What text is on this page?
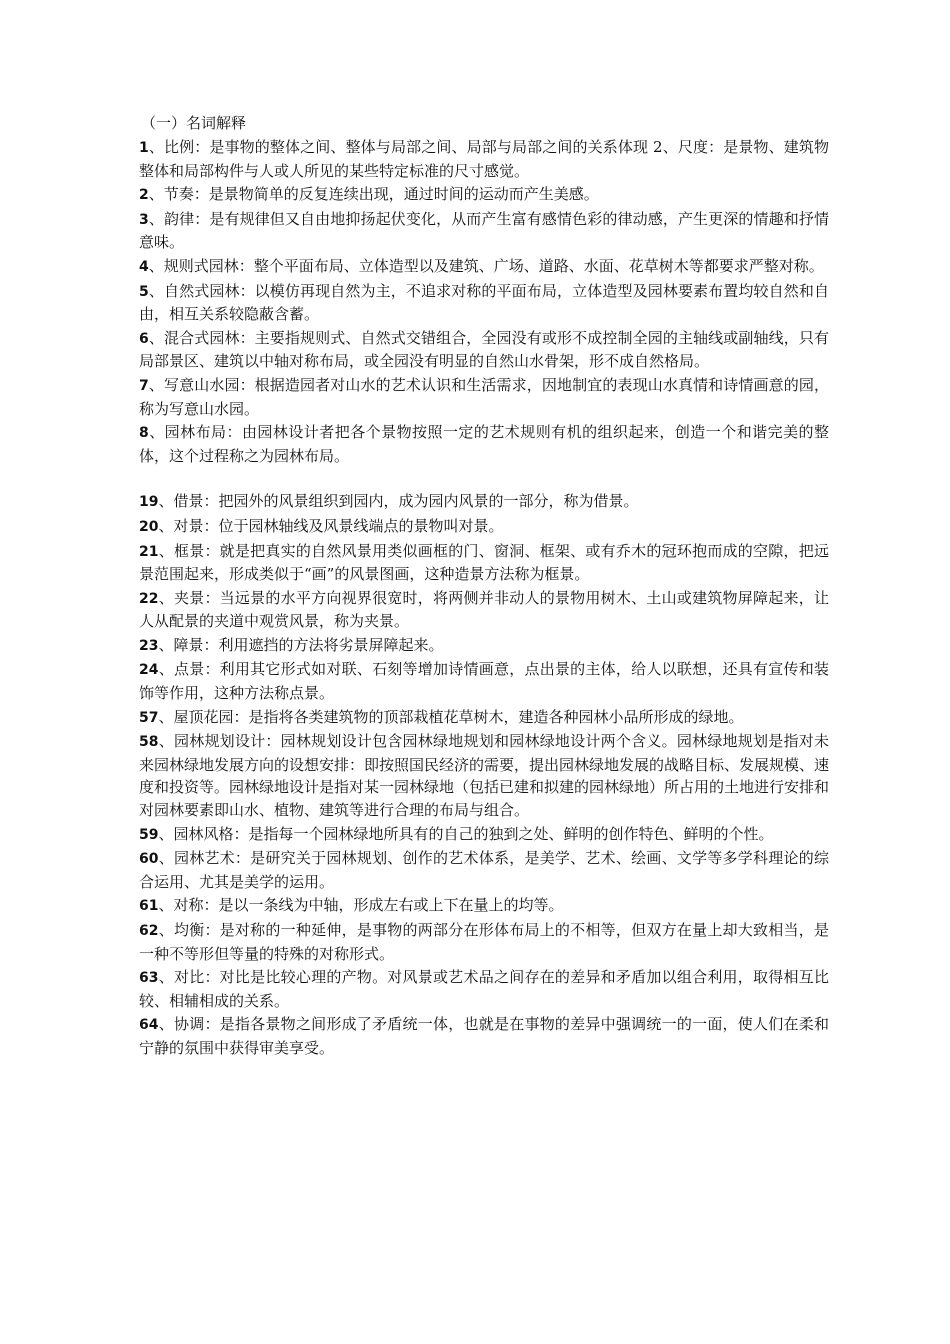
（一）名词解释

1、比例：是事物的整体之间、整体与局部之间、局部与局部之间的关系体现 2、尺度：是景物、建筑物整体和局部构件与人或人所见的某些特定标准的尺寸感觉。

2、节奏：是景物简单的反复连续出现，通过时间的运动而产生美感。

3、韵律：是有规律但又自由地抑扬起伏变化，从而产生富有感情色彩的律动感，产生更深的情趣和抒情意味。

4、规则式园林：整个平面布局、立体造型以及建筑、广场、道路、水面、花草树木等都要求严整对称。

5、自然式园林：以模仿再现自然为主，不追求对称的平面布局，立体造型及园林要素布置均较自然和自由，相互关系较隐蔽含蓄。

6、混合式园林：主要指规则式、自然式交错组合，全园没有或形不成控制全园的主轴线或副轴线，只有局部景区、建筑以中轴对称布局，或全园没有明显的自然山水骨架，形不成自然格局。

7、写意山水园：根据造园者对山水的艺术认识和生活需求，因地制宜的表现山水真情和诗情画意的园，称为写意山水园。

8、园林布局：由园林设计者把各个景物按照一定的艺术规则有机的组织起来，创造一个和谐完美的整体，这个过程称之为园林布局。

19、借景：把园外的风景组织到园内，成为园内风景的一部分，称为借景。

20、对景：位于园林轴线及风景线端点的景物叫对景。

21、框景：就是把真实的自然风景用类似画框的门、窗洞、框架、或有乔木的冠环抱而成的空隙，把远景范围起来，形成类似于“画”的风景图画，这种造景方法称为框景。

22、夹景：当远景的水平方向视界很宽时，将两侧并非动人的景物用树木、土山或建筑物屏障起来，让人从配景的夹道中观赏风景，称为夹景。

23、障景：利用遮挡的方法将劣景屏障起来。

24、点景：利用其它形式如对联、石刻等增加诗情画意，点出景的主体，给人以联想，还具有宣传和装饰等作用，这种方法称点景。

57、屋顶花园：是指将各类建筑物的顶部栽植花草树木，建造各种园林小品所形成的绿地。

58、园林规划设计：园林规划设计包含园林绿地规划和园林绿地设计两个含义。园林绿地规划是指对未来园林绿地发展方向的设想安排：即按照国民经济的需要，提出园林绿地发展的战略目标、发展规模、速度和投资等。园林绿地设计是指对某一园林绿地（包括已建和拟建的园林绿地）所占用的土地进行安排和对园林要素即山水、植物、建筑等进行合理的布局与组合。

59、园林风格：是指每一个园林绿地所具有的自己的独到之处、鲜明的创作特色、鲜明的个性。

60、园林艺术：是研究关于园林规划、创作的艺术体系，是美学、艺术、绘画、文学等多学科理论的综合运用、尤其是美学的运用。

61、对称：是以一条线为中轴，形成左右或上下在量上的均等。

62、均衡：是对称的一种延伸，是事物的两部分在形体布局上的不相等，但双方在量上却大致相当，是一种不等形但等量的特殊的对称形式。

63、对比：对比是比较心理的产物。对风景或艺术品之间存在的差异和矛盾加以组合利用，取得相互比较、相辅相成的关系。

64、协调：是指各景物之间形成了矛盾统一体，也就是在事物的差异中强调统一的一面，使人们在柔和宁静的氛围中获得审美享受。
